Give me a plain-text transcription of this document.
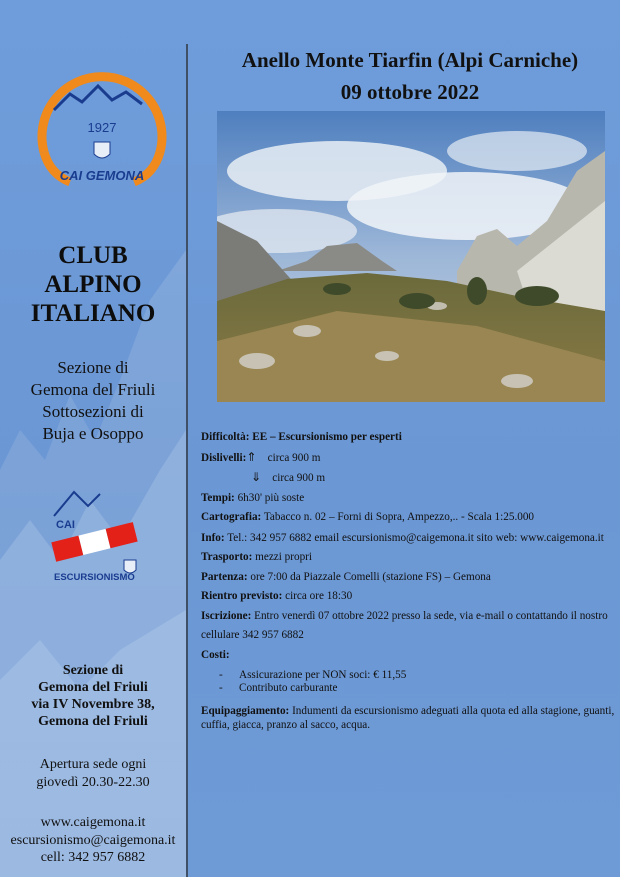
1927
CAI GEMONA
CLUB
ALPINO
ITALIANO
Sezione di
Gemona del Friuli
Sottosezioni di
Buja e Osoppo
CAI
ESCURSIONISMO
Sezione di
Gemona del Friuli
via IV Novembre 38,
Gemona del Friuli
Apertura sede ogni
giovedì 20.30-22.30
www.caigemona.it
escursionismo@caigemona.it
cell: 342 957 6882
Anello Monte Tiarfin (Alpi Carniche)
09 ottobre 2022
Difficoltà: EE – Escursionismo per esperti
Dislivelli:⇑ circa 900 m
⇓ circa 900 m
Tempi: 6h30' più soste
Cartografia: Tabacco n. 02 – Forni di Sopra, Ampezzo,.. - Scala 1:25.000
Info: Tel.: 342 957 6882 email escursionismo@caigemona.it sito web: www.caigemona.it
Trasporto: mezzi propri
Partenza: ore 7:00 da Piazzale Comelli (stazione FS) – Gemona
Rientro previsto: circa ore 18:30
Iscrizione: Entro venerdì 07 ottobre 2022 presso la sede, via e-mail o contattando il nostro cellulare 342 957 6882
Costi:
-	Assicurazione per NON soci: € 11,55
-	Contributo carburante
Equipaggiamento: Indumenti da escursionismo adeguati alla quota ed alla stagione, guanti, cuffia, giacca, pranzo al sacco, acqua.
